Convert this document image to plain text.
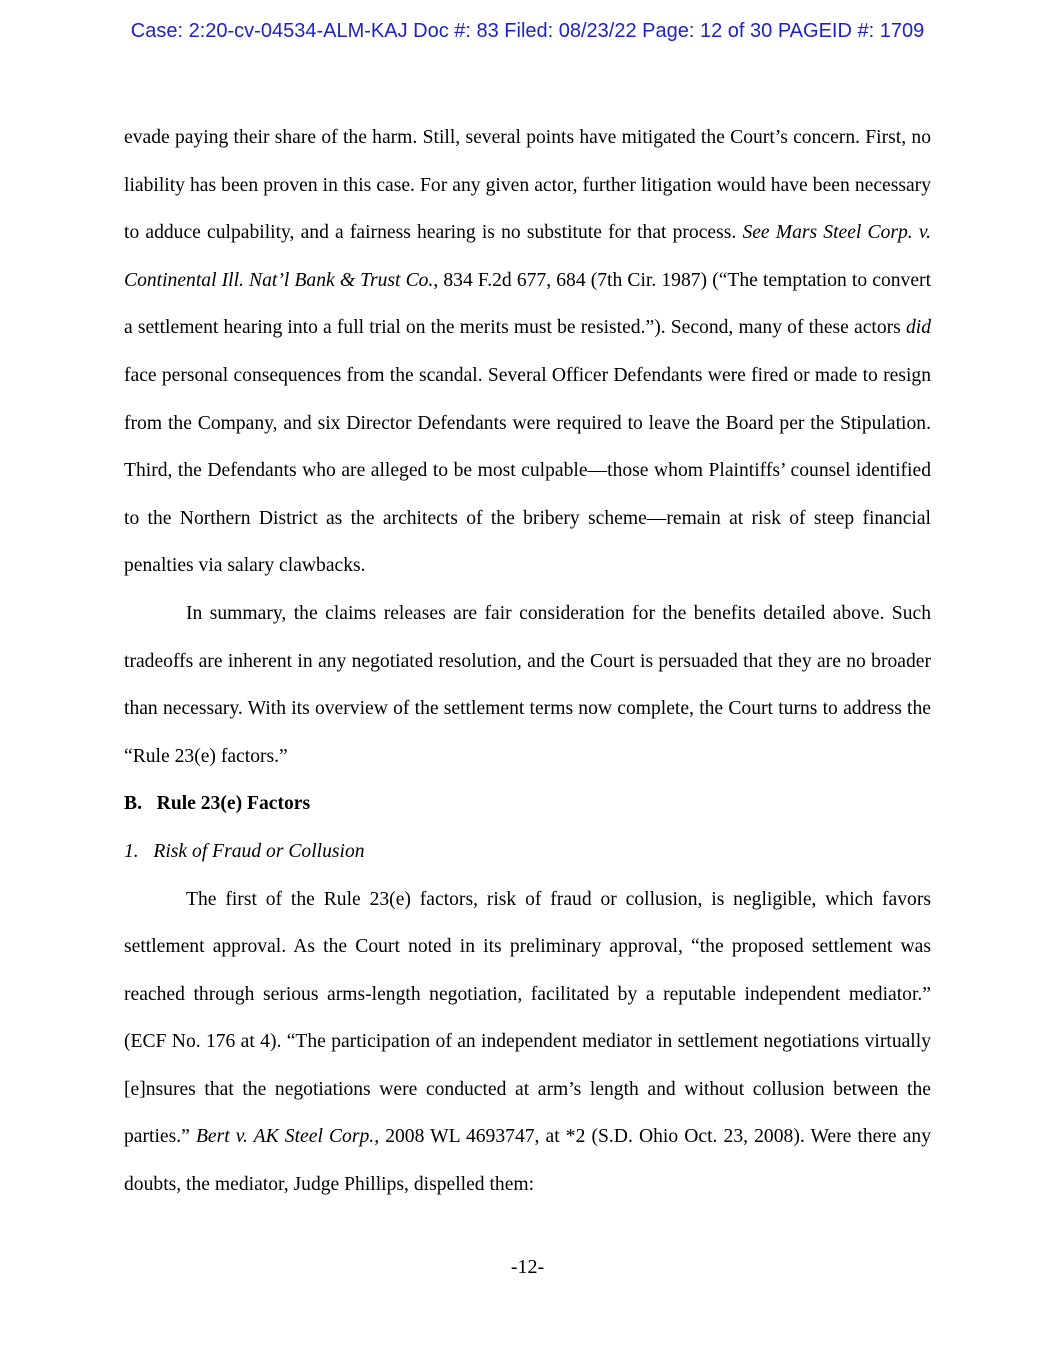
Case: 2:20-cv-04534-ALM-KAJ Doc #: 83 Filed: 08/23/22 Page: 12 of 30 PAGEID #: 1709

evade paying their share of the harm. Still, several points have mitigated the Court’s concern. First, no liability has been proven in this case. For any given actor, further litigation would have been necessary to adduce culpability, and a fairness hearing is no substitute for that process. See Mars Steel Corp. v. Continental Ill. Nat’l Bank & Trust Co., 834 F.2d 677, 684 (7th Cir. 1987) (“The temptation to convert a settlement hearing into a full trial on the merits must be resisted.”). Second, many of these actors did face personal consequences from the scandal. Several Officer Defendants were fired or made to resign from the Company, and six Director Defendants were required to leave the Board per the Stipulation. Third, the Defendants who are alleged to be most culpable—those whom Plaintiffs’ counsel identified to the Northern District as the architects of the bribery scheme—remain at risk of steep financial penalties via salary clawbacks.

In summary, the claims releases are fair consideration for the benefits detailed above. Such tradeoffs are inherent in any negotiated resolution, and the Court is persuaded that they are no broader than necessary. With its overview of the settlement terms now complete, the Court turns to address the “Rule 23(e) factors.”

B.   Rule 23(e) Factors

1.   Risk of Fraud or Collusion

The first of the Rule 23(e) factors, risk of fraud or collusion, is negligible, which favors settlement approval. As the Court noted in its preliminary approval, “the proposed settlement was reached through serious arms-length negotiation, facilitated by a reputable independent mediator.” (ECF No. 176 at 4). “The participation of an independent mediator in settlement negotiations virtually [e]nsures that the negotiations were conducted at arm’s length and without collusion between the parties.” Bert v. AK Steel Corp., 2008 WL 4693747, at *2 (S.D. Ohio Oct. 23, 2008). Were there any doubts, the mediator, Judge Phillips, dispelled them:

-12-
